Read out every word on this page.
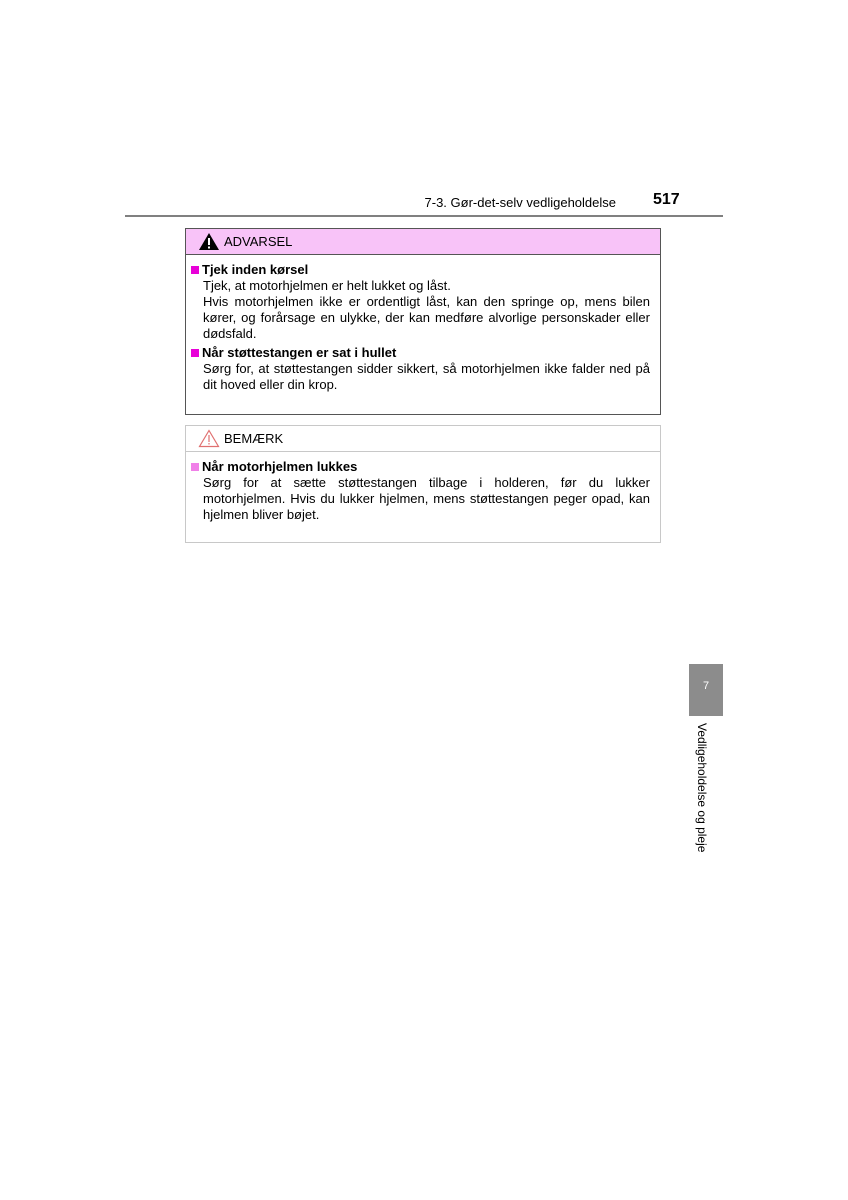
7-3. Gør-det-selv vedligeholdelse 517
ADVARSEL
Tjek inden kørsel
Tjek, at motorhjelmen er helt lukket og låst.
Hvis motorhjelmen ikke er ordentligt låst, kan den springe op, mens bilen kører, og forårsage en ulykke, der kan medføre alvorlige personskader eller dødsfald.
Når støttestangen er sat i hullet
Sørg for, at støttestangen sidder sikkert, så motorhjelmen ikke falder ned på dit hoved eller din krop.
BEMÆRK
Når motorhjelmen lukkes
Sørg for at sætte støttestangen tilbage i holderen, før du lukker motorhjelmen. Hvis du lukker hjelmen, mens støttestangen peger opad, kan hjelmen bliver bøjet.
7
Vedligeholdelse og pleje
